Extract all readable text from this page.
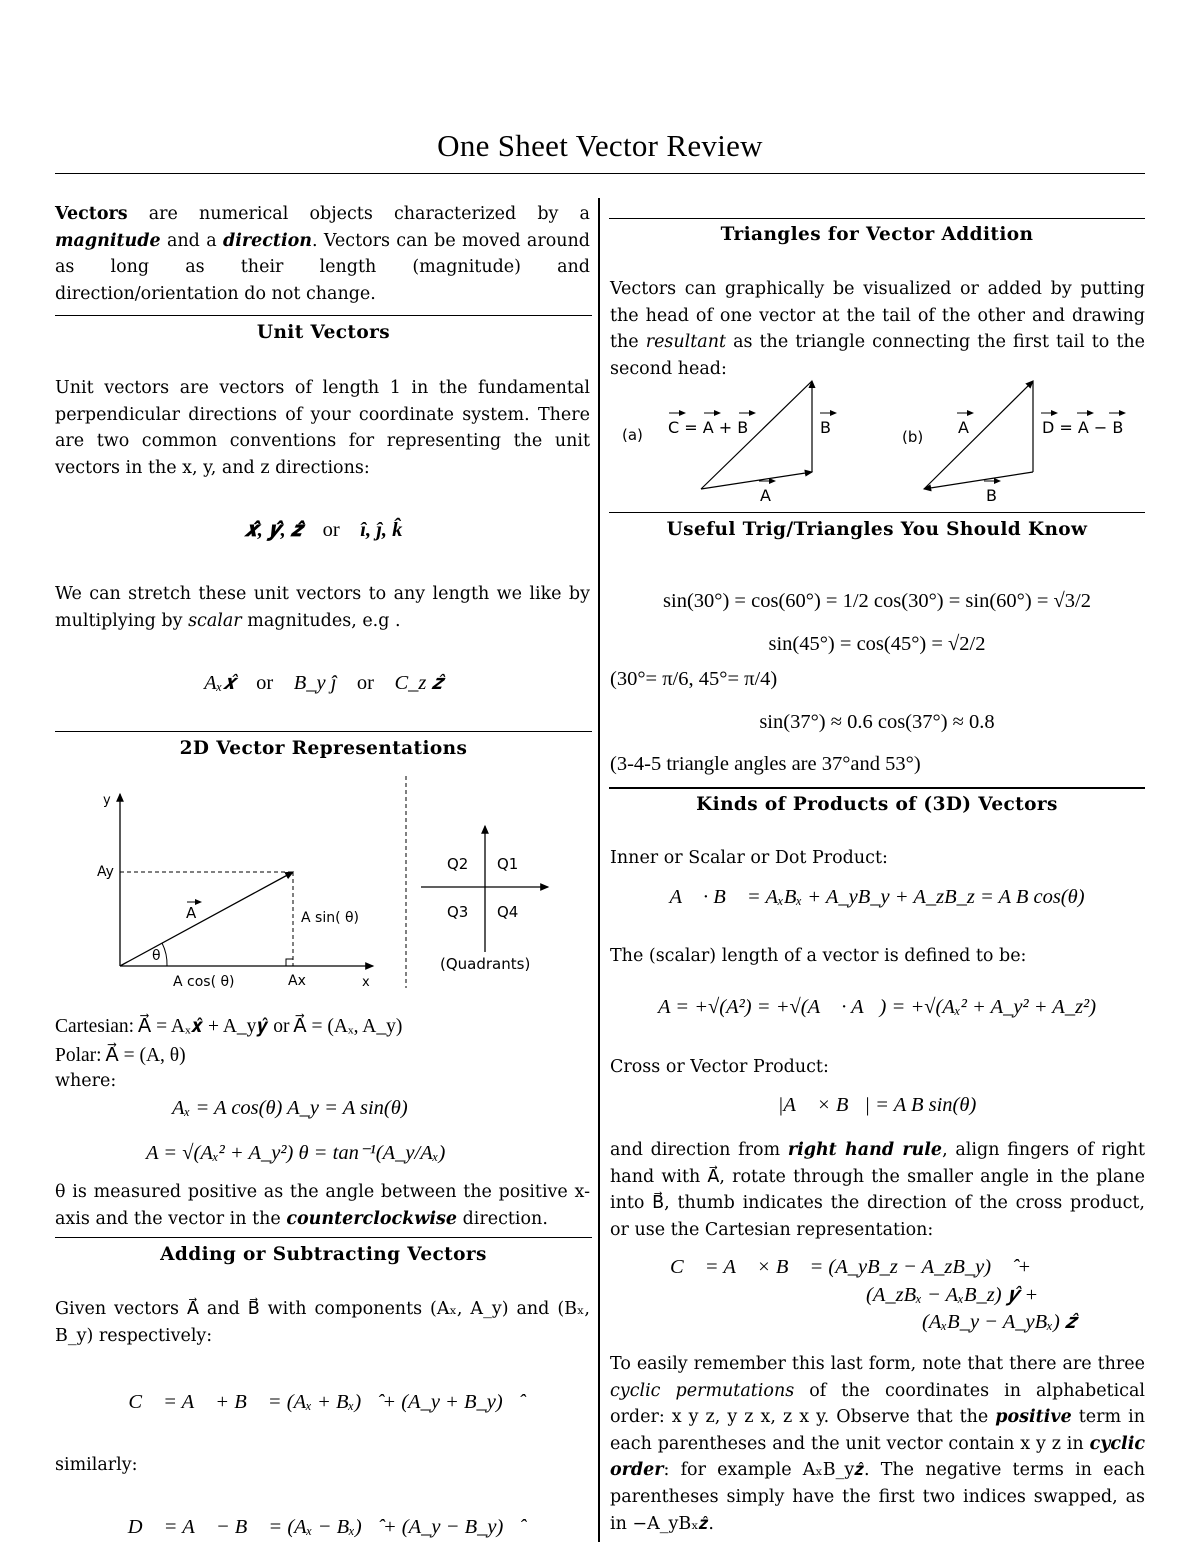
One Sheet Vector Review
Vectors are numerical objects characterized by a magnitude and a direction. Vectors can be moved around as long as their length (magnitude) and direction/orientation do not change.
Unit Vectors
Unit vectors are vectors of length 1 in the fundamental perpendicular directions of your coordinate system. There are two common conventions for representing the unit vectors in the x, y, and z directions:
𝒙̂, 𝒚̂, 𝒛̂ or î, ĵ, k̂
We can stretch these unit vectors to any length we like by multiplying by scalar magnitudes, e.g .
Aₓ𝒙̂ or B_y ĵ or C_z 𝒛̂
2D Vector Representations
y
x
Ay
Ax
A
θ
A sin( θ)
A cos( θ)
Q2 Q1
Q3 Q4
(Quadrants)
Cartesian: A⃗ = Aₓ𝒙̂ + A_y𝒚̂ or A⃗ = (Aₓ, A_y)
Polar: A⃗ = (A, θ)
where:
Aₓ = A cos(θ) A_y = A sin(θ)
A = √(Aₓ² + A_y²) θ = tan⁻¹(A_y/Aₓ)
θ is measured positive as the angle between the positive x-axis and the vector in the counterclockwise direction.
Adding or Subtracting Vectors
Given vectors A⃗ and B⃗ with components (Aₓ, A_y) and (Bₓ, B_y) respectively:
C⃗ = A⃗ + B⃗ = (Aₓ + Bₓ)𝒙̂ + (A_y + B_y)𝒚̂
similarly:
D⃗ = A⃗ − B⃗ = (Aₓ − Bₓ)𝒙̂ + (A_y − B_y)𝒚̂
Triangles for Vector Addition
Vectors can graphically be visualized or added by putting the head of one vector at the tail of the other and drawing the resultant as the triangle connecting the first tail to the second head:
(a) C = A + B	B
A
(b) A	D = A − B
B
Useful Trig/Triangles You Should Know
sin(30°) = cos(60°) = 1/2 cos(30°) = sin(60°) = √3/2
sin(45°) = cos(45°) = √2/2
(30°= π/6, 45°= π/4)
sin(37°) ≈ 0.6 cos(37°) ≈ 0.8
(3-4-5 triangle angles are 37°and 53°)
Kinds of Products of (3D) Vectors
Inner or Scalar or Dot Product:
A⃗ · B⃗ = AₓBₓ + A_yB_y + A_zB_z = A B cos(θ)
The (scalar) length of a vector is defined to be:
A = +√(A²) = +√(A⃗ · A⃗) = +√(Aₓ² + A_y² + A_z²)
Cross or Vector Product:
|A⃗ × B⃗| = A B sin(θ)
and direction from right hand rule, align fingers of right hand with A⃗, rotate through the smaller angle in the plane into B⃗, thumb indicates the direction of the cross product, or use the Cartesian representation:
C⃗ = A⃗ × B⃗ = (A_yB_z − A_zB_y) 𝒙̂ +
(A_zBₓ − AₓB_z) 𝒚̂ +
(AₓB_y − A_yBₓ) 𝒛̂
To easily remember this last form, note that there are three cyclic permutations of the coordinates in alphabetical order: x y z, y z x, z x y. Observe that the positive term in each parentheses and the unit vector contain x y z in cyclic order: for example AₓB_y𝒛̂. The negative terms in each parentheses simply have the first two indices swapped, as in −A_yBₓ𝒛̂.
